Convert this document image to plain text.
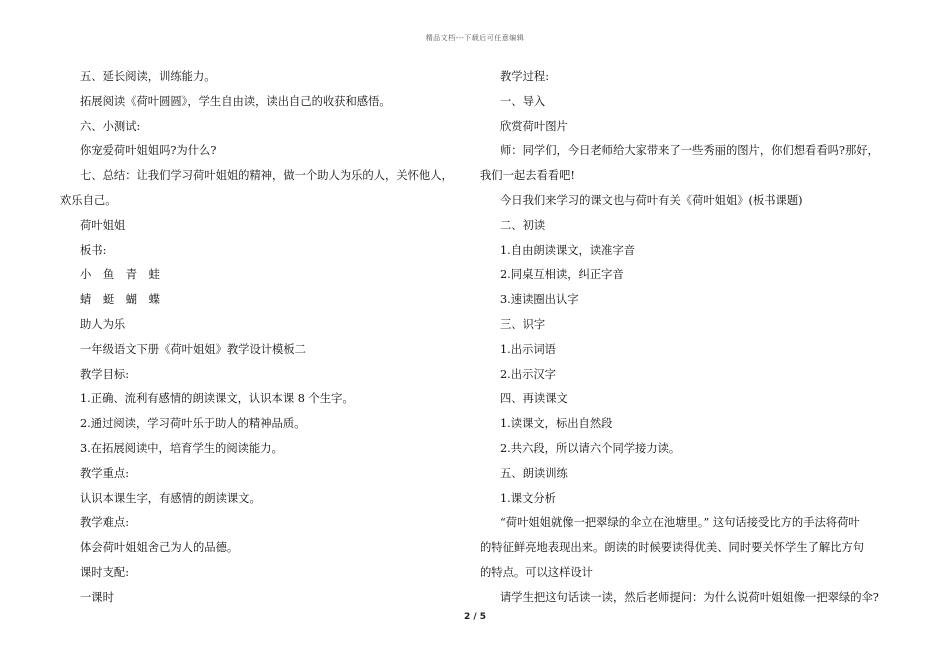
精品文档---下载后可任意编辑
五、延长阅读，训练能力。
拓展阅读《荷叶圆圆》，学生自由读，读出自己的收获和感悟。
六、小测试:
你宠爱荷叶姐姐吗?为什么?
七、总结：让我们学习荷叶姐姐的精神，做一个助人为乐的人，关怀他人，
欢乐自己。
荷叶姐姐
板书:
小 鱼 青 蛙
蜻 蜓 蝴 蝶
助人为乐
一年级语文下册《荷叶姐姐》教学设计模板二
教学目标:
1.正确、流利有感情的朗读课文，认识本课 8 个生字。
2.通过阅读，学习荷叶乐于助人的精神品质。
3.在拓展阅读中，培育学生的阅读能力。
教学重点:
认识本课生字，有感情的朗读课文。
教学难点:
体会荷叶姐姐舍己为人的品德。
课时支配:
一课时
教学过程:
一、导入
欣赏荷叶图片
师：同学们，今日老师给大家带来了一些秀丽的图片，你们想看看吗?那好，
我们一起去看看吧!
今日我们来学习的课文也与荷叶有关《荷叶姐姐》(板书课题)
二、初读
1.自由朗读课文，读准字音
2.同桌互相读，纠正字音
3.速读圈出认字
三、识字
1.出示词语
2.出示汉字
四、再读课文
1.读课文，标出自然段
2.共六段，所以请六个同学接力读。
五、朗读训练
1.课文分析
“荷叶姐姐就像一把翠绿的伞立在池塘里。” 这句话接受比方的手法将荷叶
的特征鲜亮地表现出来。朗读的时候要读得优美、同时要关怀学生了解比方句
的特点。可以这样设计
请学生把这句话读一读，然后老师提问：为什么说荷叶姐姐像一把翠绿的伞?
2 / 5
